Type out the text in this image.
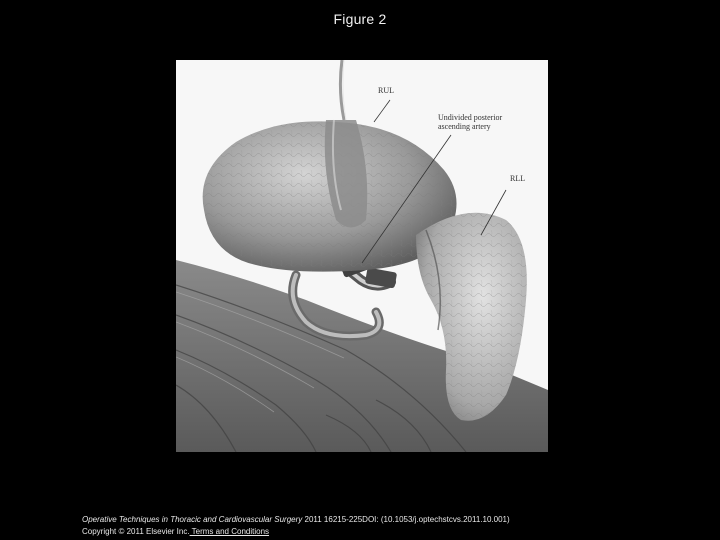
Figure 2
RUL
Undivided posterior
ascending artery
RLL
Operative Techniques in Thoracic and Cardiovascular Surgery 2011 16215-225DOI: (10.1053/j.optechstcvs.2011.10.001)
Copyright © 2011 Elsevier Inc. Terms and Conditions
